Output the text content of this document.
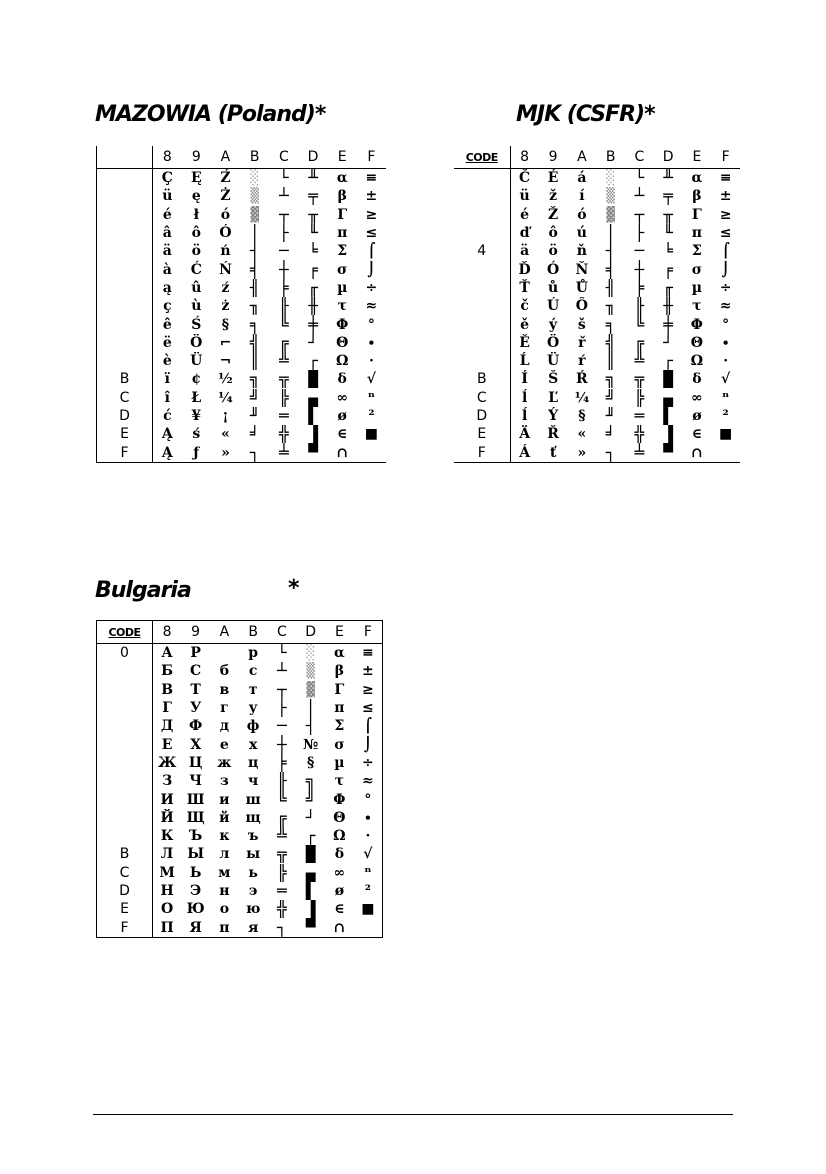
MAZOWIA (Poland)*	MJK (CSFR)*
Bulgaria	*
	8	9	A	B	C	D	E	F
	Ç	Ę	Ź	░	└	╨	α	≡
	ü	ę	Ż	▒	┴	╤	β	±
	é	ł	ó	▓	┬	╥	Γ	≥
	â	ô	Ó	│	├	╙	π	≤
	ä	ö	ń	┤	─	╘	Σ	⌠
	à	Ć	Ń	╡	┼	╒	σ	⌡
	ą	û	ź	╢	╞	╓	µ	÷
	ç	ù	ż	╖	╟	╫	τ	≈
	ê	Ś	§	╕	╚	╪	Φ	°
	ë	Ö	⌐	╣	╔	┘	Θ	∙
	è	Ü	¬	║	╩	┌	Ω	·
B	ï	¢	½	╗	╦	█	δ	√
C	î	Ł	¼	╝	╠	▄	∞	ⁿ
D	ć	¥	¡	╜	═	▌	ø	²
E	Ą	ś	«	╛	╬	▐	∈	■
F	Ą	ƒ	»	┐	╧	▀	∩	
CODE	8	9	A	B	C	D	E	F
	Č	É	á	░	└	╨	α	≡
	ü	ž	í	▒	┴	╤	β	±
	é	Ž	ó	▓	┬	╥	Γ	≥
	ď	ô	ú	│	├	╙	π	≤
4	ä	ö	ň	┤	─	╘	Σ	⌠
	Ď	Ó	Ň	╡	┼	╒	σ	⌡
	Ť	ů	Ů	╢	╞	╓	µ	÷
	č	Ú	Ô	╖	╟	╫	τ	≈
	ě	ý	š	╕	╚	╪	Φ	°
	Ě	Ö	ř	╣	╔	┘	Θ	∙
	Ĺ	Ü	ŕ	║	╩	┌	Ω	·
B	Í	Š	Ŕ	╗	╦	█	δ	√
C	ĺ	Ľ	¼	╝	╠	▄	∞	ⁿ
D	ĺ	Ý	§	╜	═	▌	ø	²
E	Ä	Ř	«	╛	╬	▐	∈	■
F	Á	ť	»	┐	╧	▀	∩	
CODE	8	9	A	B	C	D	E	F
0	А	Р		р	└	░	α	≡
	Б	С	б	с	┴	▒	β	±
	В	Т	в	т	┬	▓	Γ	≥
	Г	У	г	у	├	│	π	≤
	Д	Ф	д	ф	─	┤	Σ	⌠
	Е	Х	е	х	┼	№	σ	⌡
	Ж	Ц	ж	ц	╞	§	µ	÷
	З	Ч	з	ч	╟	╗	τ	≈
	И	Ш	и	ш	╚	╝	Φ	°
	Й	Щ	й	щ	╔	┘	Θ	∙
	К	Ъ	к	ъ	╩	┌	Ω	·
B	Л	Ы	л	ы	╦	█	δ	√
C	М	Ь	м	ь	╠	▄	∞	ⁿ
D	Н	Э	н	э	═	▌	ø	²
E	О	Ю	о	ю	╬	▐	∈	■
F	П	Я	п	я	┐	▀	∩	
